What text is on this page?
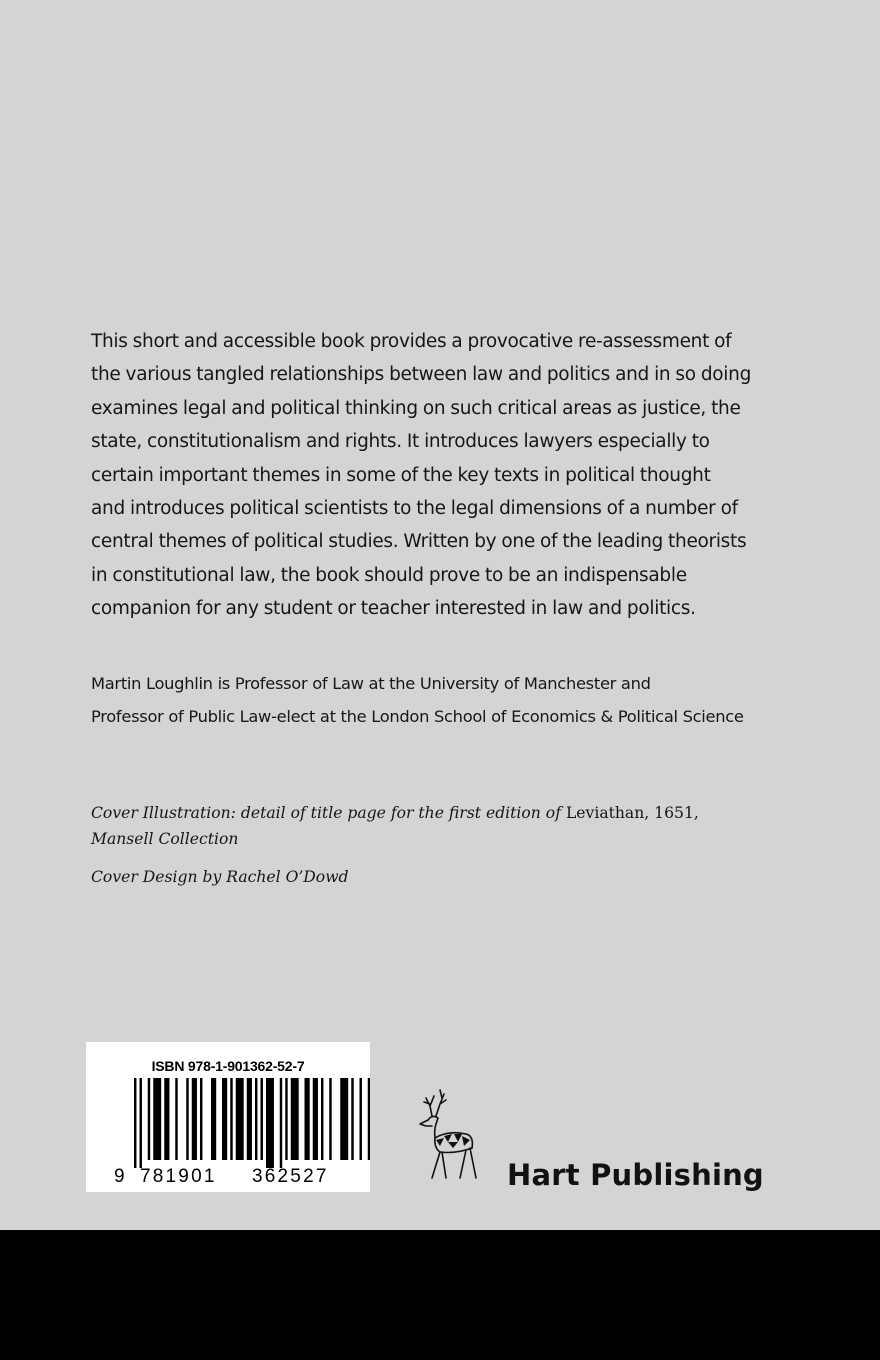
This short and accessible book provides a provocative re-assessment of
the various tangled relationships between law and politics and in so doing
examines legal and political thinking on such critical areas as justice, the
state, constitutionalism and rights. It introduces lawyers especially to
certain important themes in some of the key texts in political thought
and introduces political scientists to the legal dimensions of a number of
central themes of political studies. Written by one of the leading theorists
in constitutional law, the book should prove to be an indispensable
companion for any student or teacher interested in law and politics.
Martin Loughlin is Professor of Law at the University of Manchester and
Professor of Public Law-elect at the London School of Economics & Political Science
Cover Illustration: detail of title page for the first edition of Leviathan, 1651,
Mansell Collection
Cover Design by Rachel O’Dowd
ISBN 978-1-901362-52-7
9 781901 362527	Hart Publishing
